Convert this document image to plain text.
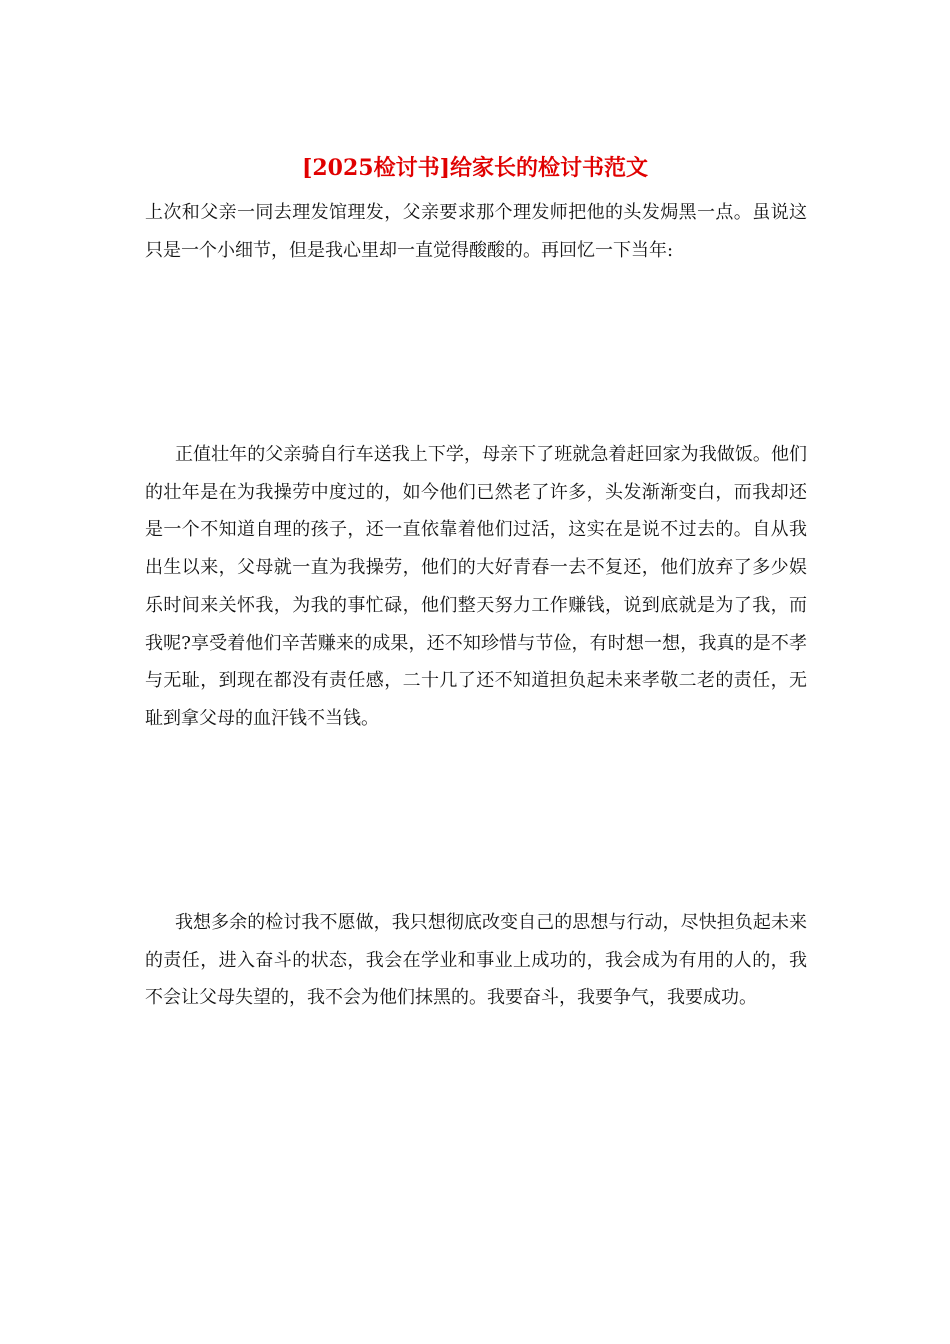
[2025检讨书]给家长的检讨书范文

上次和父亲一同去理发馆理发，父亲要求那个理发师把他的头发焗黑一点。虽说这只是一个小细节，但是我心里却一直觉得酸酸的。再回忆一下当年:

正值壮年的父亲骑自行车送我上下学，母亲下了班就急着赶回家为我做饭。他们的壮年是在为我操劳中度过的，如今他们已然老了许多，头发渐渐变白，而我却还是一个不知道自理的孩子，还一直依靠着他们过活，这实在是说不过去的。自从我出生以来，父母就一直为我操劳，他们的大好青春一去不复还，他们放弃了多少娱乐时间来关怀我，为我的事忙碌，他们整天努力工作赚钱，说到底就是为了我，而我呢?享受着他们辛苦赚来的成果，还不知珍惜与节俭，有时想一想，我真的是不孝与无耻，到现在都没有责任感，二十几了还不知道担负起未来孝敬二老的责任，无耻到拿父母的血汗钱不当钱。

我想多余的检讨我不愿做，我只想彻底改变自己的思想与行动，尽快担负起未来的责任，进入奋斗的状态，我会在学业和事业上成功的，我会成为有用的人的，我不会让父母失望的，我不会为他们抹黑的。我要奋斗，我要争气，我要成功。
